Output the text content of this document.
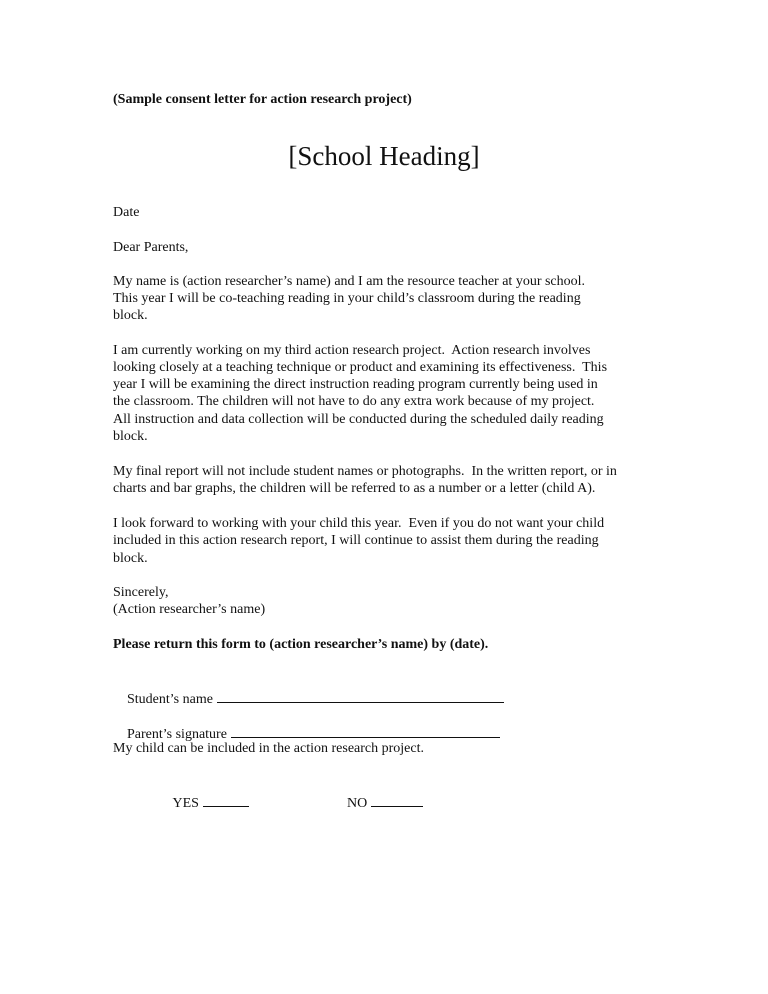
(Sample consent letter for action research project)

[School Heading]

Date

Dear Parents,

My name is (action researcher’s name) and I am the resource teacher at your school.

This year I will be co-teaching reading in your child’s classroom during the reading

block.

I am currently working on my third action research project.  Action research involves

looking closely at a teaching technique or product and examining its effectiveness.  This

year I will be examining the direct instruction reading program currently being used in

the classroom. The children will not have to do any extra work because of my project.

All instruction and data collection will be conducted during the scheduled daily reading

block.

My final report will not include student names or photographs.  In the written report, or in

charts and bar graphs, the children will be referred to as a number or a letter (child A).

I look forward to working with your child this year.  Even if you do not want your child

included in this action research report, I will continue to assist them during the reading

block.

Sincerely,

(Action researcher’s name)

Please return this form to (action researcher’s name) by (date).

Student’s name

Parent’s signature

My child can be included in the action research project.

YES
	NO
